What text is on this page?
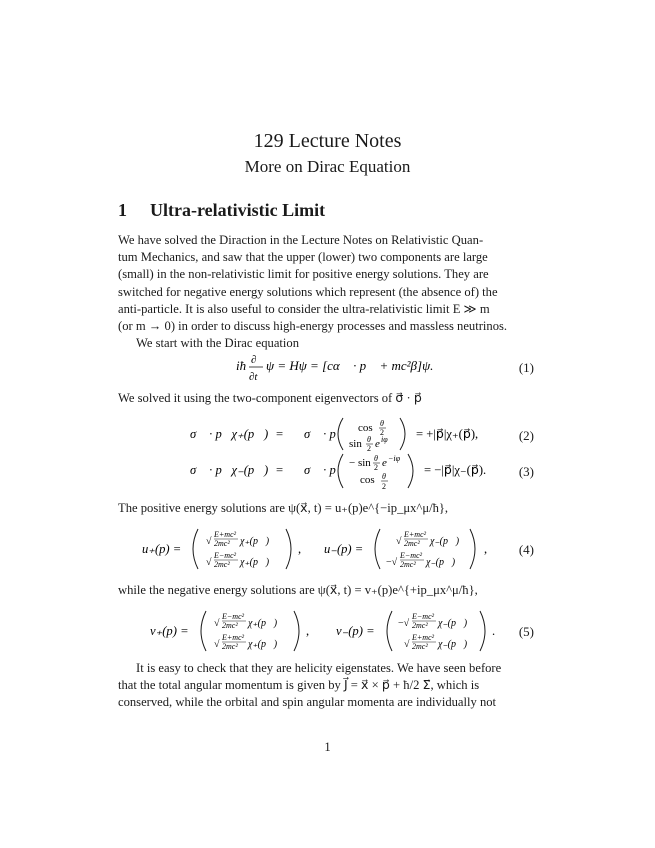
129 Lecture Notes
More on Dirac Equation
1 Ultra-relativistic Limit
We have solved the Diraction in the Lecture Notes on Relativistic Quan-
tum Mechanics, and saw that the upper (lower) two components are large
(small) in the non-relativistic limit for positive energy solutions. They are
switched for negative energy solutions which represent (the absence of) the
anti-particle. It is also useful to consider the ultra-relativistic limit E ≫ m
(or m → 0) in order to discuss high-energy processes and massless neutrinos.
We start with the Dirac equation
iħ ∂
∂t
ψ = Hψ = [cα⃗ · p⃗ + mc²β]ψ.	(1)
We solved it using the two-component eigenvectors of σ⃗ · p⃗
σ⃗ · p⃗χ₊(p⃗) = σ⃗ · p⃗ cos θ
2
sin θ
2 e iφ = +|p⃗|χ₊(p⃗),	(2)
σ⃗ · p⃗χ₋(p⃗) = σ⃗ · p⃗ − sin θ
2 e −iφ
cos θ
2
= −|p⃗|χ₋(p⃗).	(3)
The positive energy solutions are ψ(x⃗, t) = u₊(p)e^{−ip_μx^μ/ħ},
u₊(p) =
√
E+mc²
2mc² χ₊(p⃗)
√
E−mc²
2mc² χ₊(p⃗)
, u₋(p) =
√
E+mc²
2mc² χ₋(p⃗)
−√
E−mc²
2mc² χ₋(p⃗)
, (4)
while the negative energy solutions are ψ(x⃗, t) = v₊(p)e^{+ip_μx^μ/ħ},
v₊(p) =
√
E−mc²
2mc² χ₊(p⃗)
√
E+mc²
2mc² χ₊(p⃗)
, v₋(p) =
−√
E−mc²
2mc² χ₋(p⃗)
√
E+mc²
2mc² χ₋(p⃗)
. (5)
It is easy to check that they are helicity eigenstates. We have seen before
that the total angular momentum is given by J⃗ = x⃗ × p⃗ + ħ/2 Σ⃗, which is
conserved, while the orbital and spin angular momenta are individually not
1
